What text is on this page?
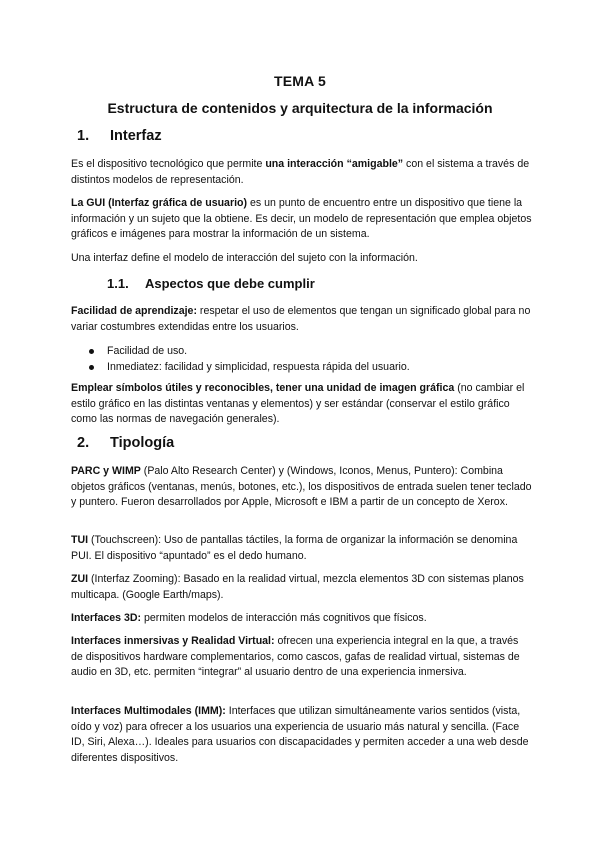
TEMA 5
Estructura de contenidos y arquitectura de la información
1. Interfaz

Es el dispositivo tecnológico que permite una interacción “amigable” con el sistema a través de distintos modelos de representación.

La GUI (Interfaz gráfica de usuario) es un punto de encuentro entre un dispositivo que tiene la información y un sujeto que la obtiene. Es decir, un modelo de representación que emplea objetos gráficos e imágenes para mostrar la información de un sistema.

Una interfaz define el modelo de interacción del sujeto con la información.

1.1. Aspectos que debe cumplir

Facilidad de aprendizaje: respetar el uso de elementos que tengan un significado global para no variar costumbres extendidas entre los usuarios.

Facilidad de uso.
Inmediatez: facilidad y simplicidad, respuesta rápida del usuario.

Emplear símbolos útiles y reconocibles, tener una unidad de imagen gráfica (no cambiar el estilo gráfico en las distintas ventanas y elementos) y ser estándar (conservar el estilo gráfico como las normas de navegación generales).

2. Tipología

PARC y WIMP (Palo Alto Research Center) y (Windows, Iconos, Menus, Puntero): Combina objetos gráficos (ventanas, menús, botones, etc.), los dispositivos de entrada suelen tener teclado y puntero. Fueron desarrollados por Apple, Microsoft e IBM a partir de un concepto de Xerox.

TUI (Touchscreen): Uso de pantallas táctiles, la forma de organizar la información se denomina PUI. El dispositivo “apuntado” es el dedo humano.

ZUI (Interfaz Zooming): Basado en la realidad virtual, mezcla elementos 3D con sistemas planos multicapa. (Google Earth/maps).

Interfaces 3D: permiten modelos de interacción más cognitivos que físicos.

Interfaces inmersivas y Realidad Virtual: ofrecen una experiencia integral en la que, a través de dispositivos hardware complementarios, como cascos, gafas de realidad virtual, sistemas de audio en 3D, etc. permiten “integrar” al usuario dentro de una experiencia inmersiva.

Interfaces Multimodales (IMM): Interfaces que utilizan simultáneamente varios sentidos (vista, oído y voz) para ofrecer a los usuarios una experiencia de usuario más natural y sencilla. (Face ID, Siri, Alexa…). Ideales para usuarios con discapacidades y permiten acceder a una web desde diferentes dispositivos.
